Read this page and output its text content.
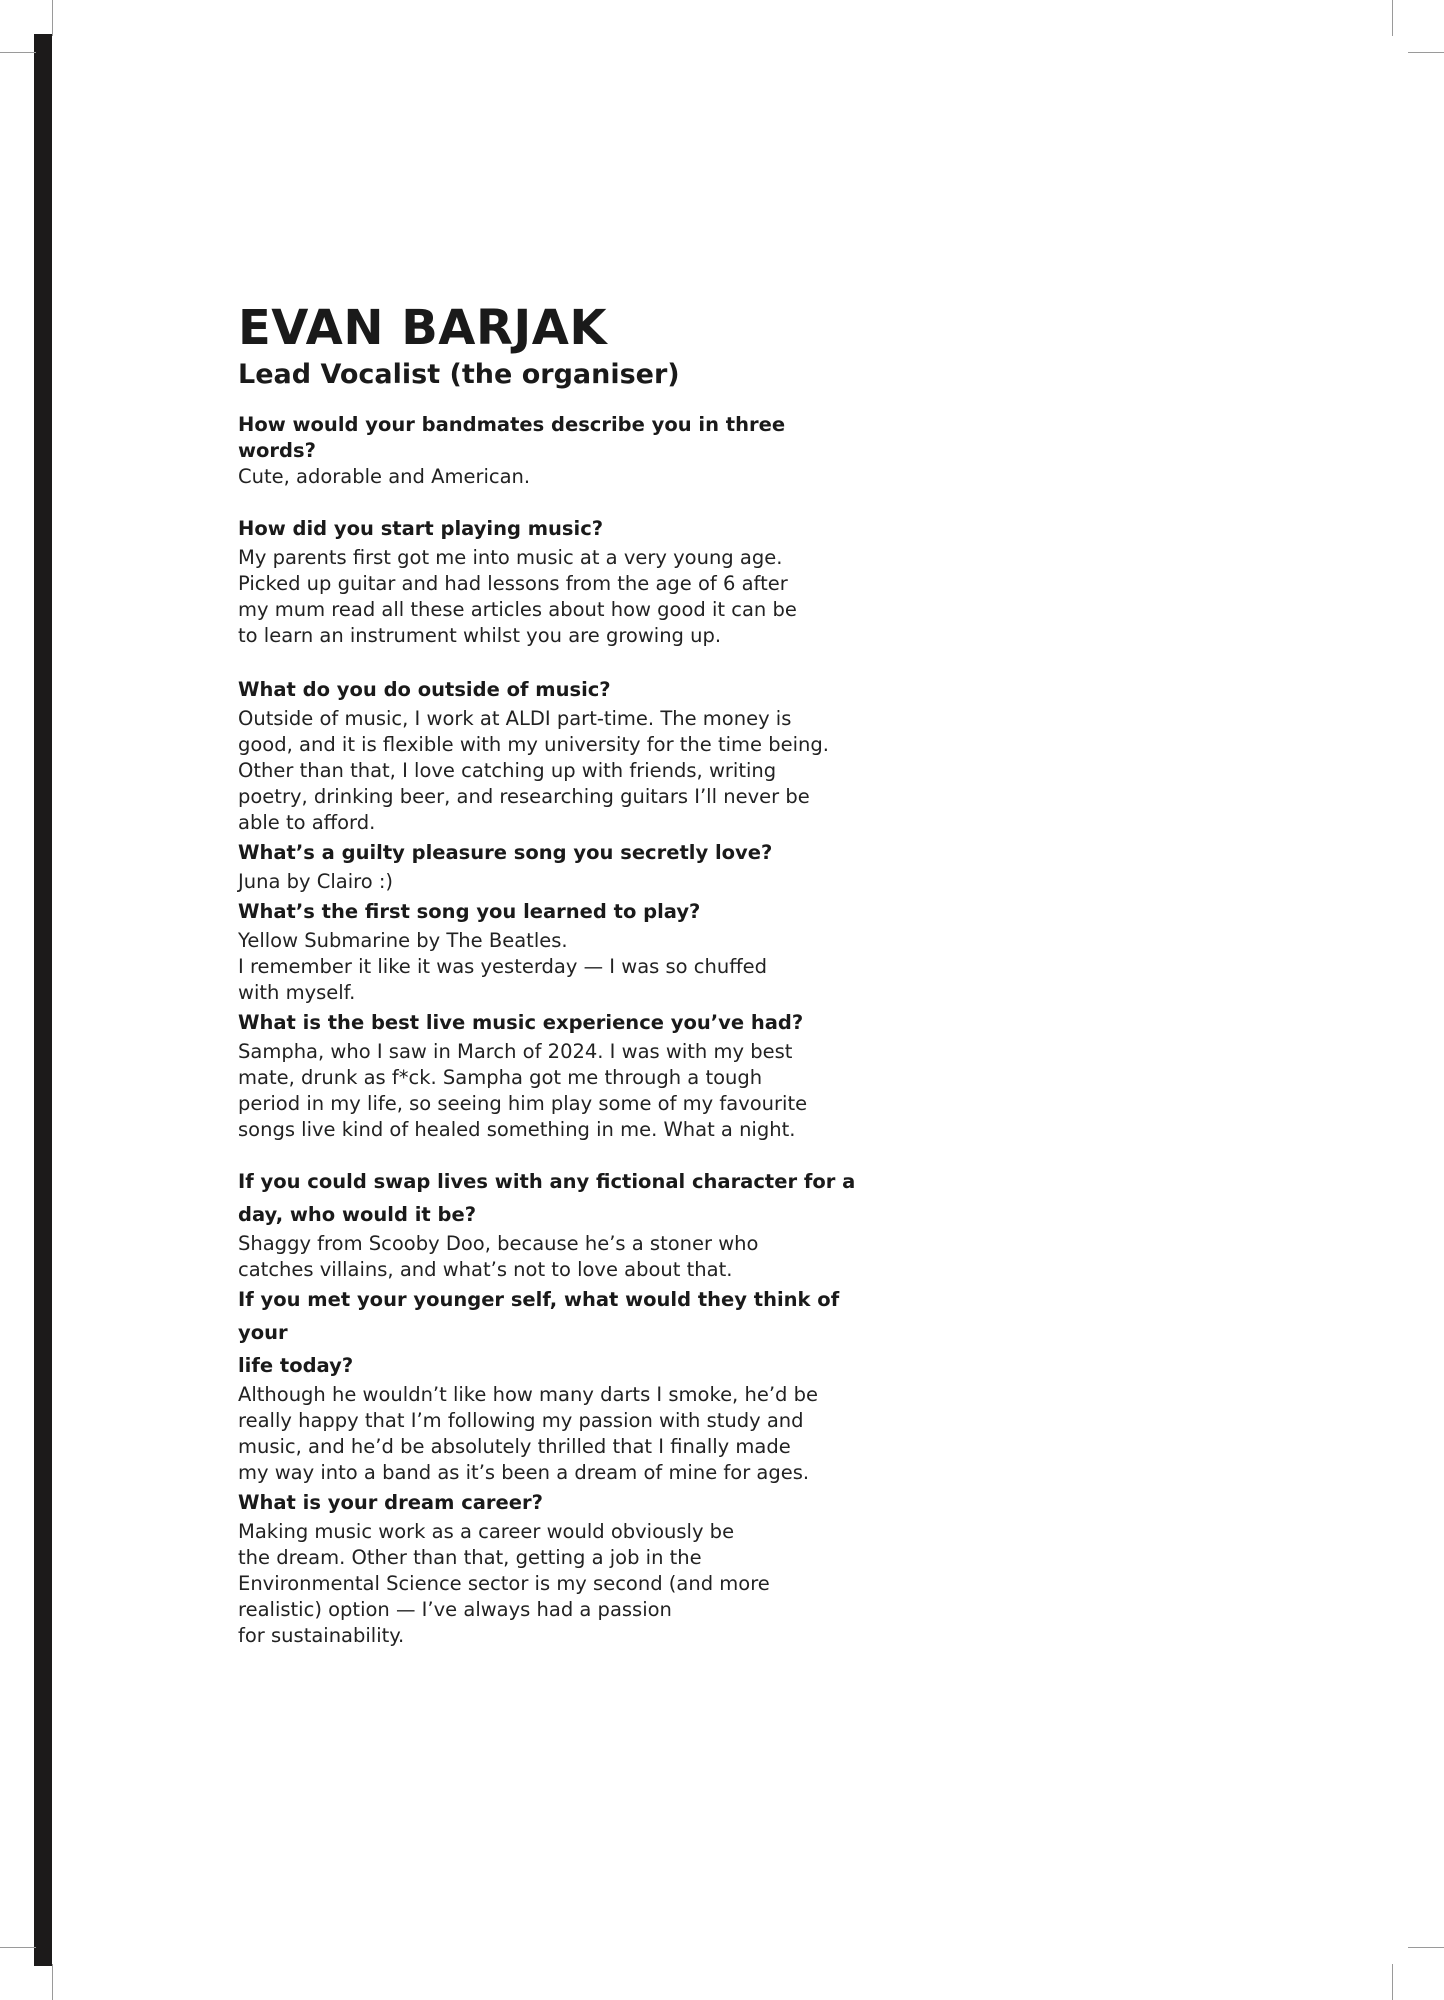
EVAN BARJAK
Lead Vocalist (the organiser)

How would your bandmates describe you in three words?

Cute, adorable and American.

How did you start playing music?

My parents first got me into music at a very young age.
Picked up guitar and had lessons from the age of 6 after
my mum read all these articles about how good it can be
to learn an instrument whilst you are growing up.

What do you do outside of music?

Outside of music, I work at ALDI part-time. The money is
good, and it is flexible with my university for the time being.
Other than that, I love catching up with friends, writing
poetry, drinking beer, and researching guitars I’ll never be
able to afford.

What’s a guilty pleasure song you secretly love?

Juna by Clairo :)

What’s the first song you learned to play?

Yellow Submarine by The Beatles.
I remember it like it was yesterday — I was so chuffed
with myself.

What is the best live music experience you’ve had?

Sampha, who I saw in March of 2024. I was with my best
mate, drunk as f*ck. Sampha got me through a tough
period in my life, so seeing him play some of my favourite
songs live kind of healed something in me. What a night.

If you could swap lives with any fictional character for a
day, who would it be?

Shaggy from Scooby Doo, because he’s a stoner who
catches villains, and what’s not to love about that.

If you met your younger self, what would they think of your
life today?

Although he wouldn’t like how many darts I smoke, he’d be
really happy that I’m following my passion with study and
music, and he’d be absolutely thrilled that I finally made
my way into a band as it’s been a dream of mine for ages.

What is your dream career?

Making music work as a career would obviously be
the dream. Other than that, getting a job in the
Environmental Science sector is my second (and more
realistic) option — I’ve always had a passion
for sustainability.
